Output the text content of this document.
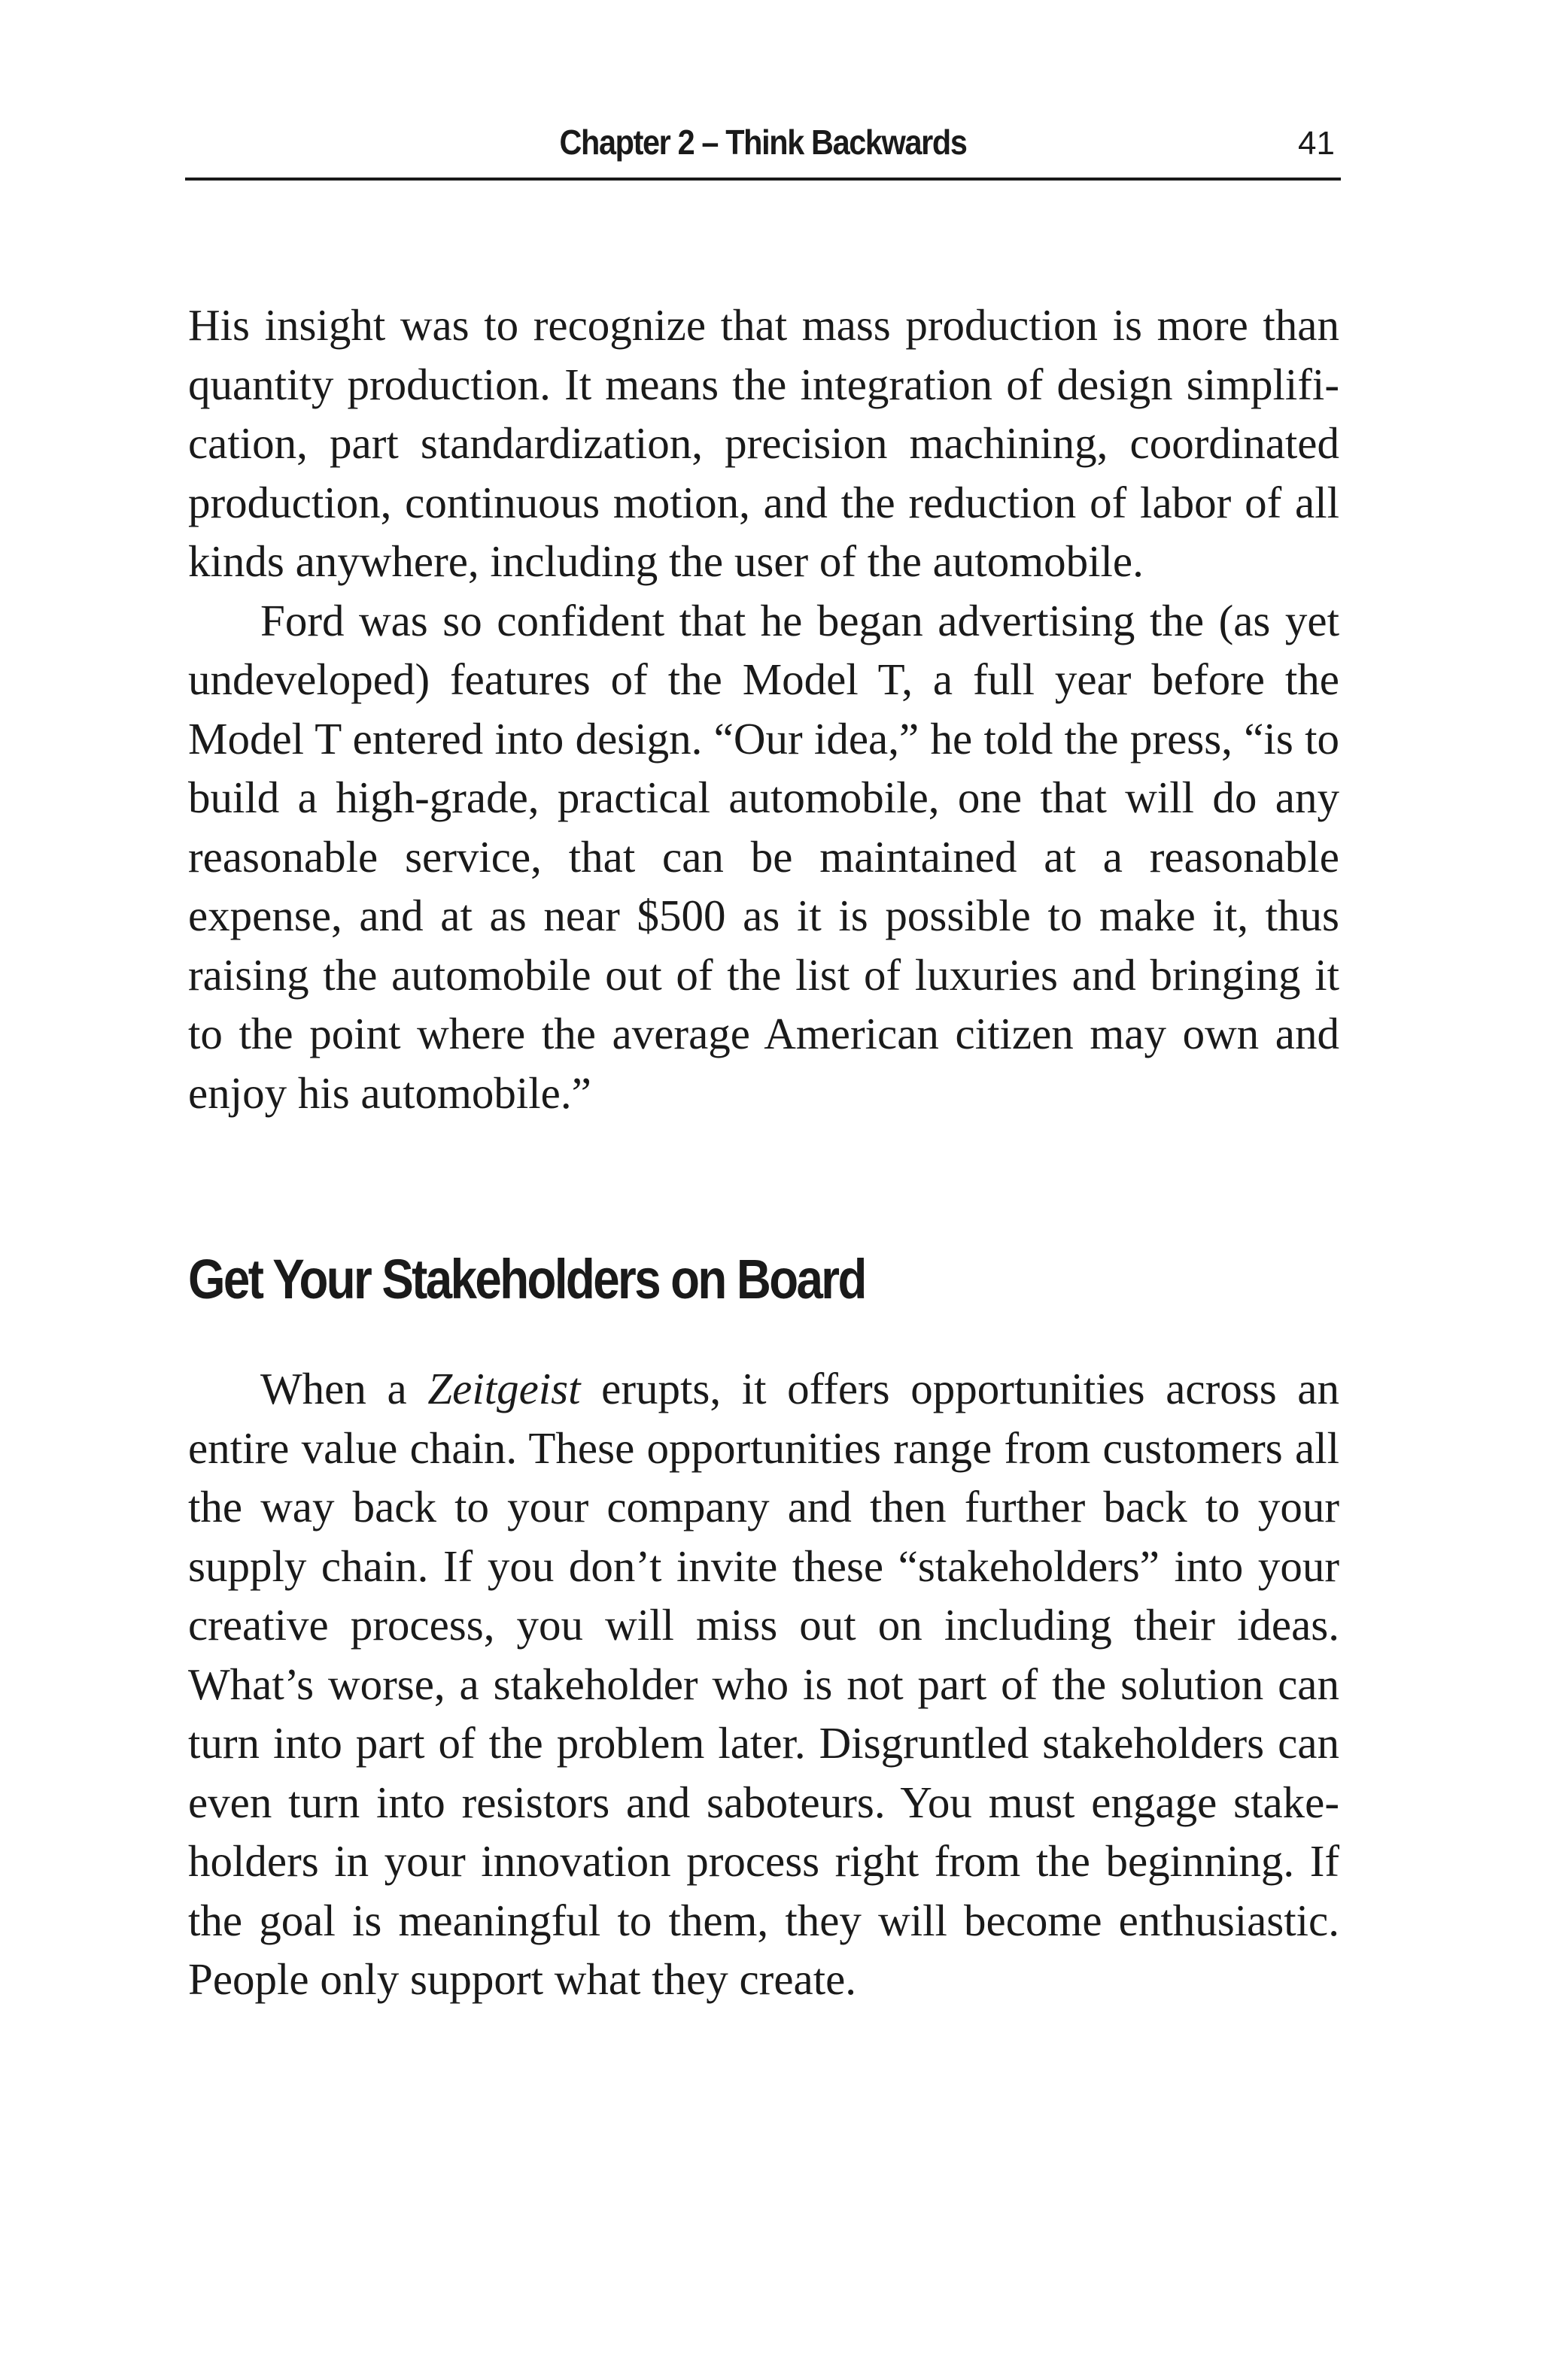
Chapter 2 – Think Backwards	41

His insight was to recognize that mass production is more than quantity production. It means the integration of design simplification, part standardization, precision machining, coordinated production, continuous motion, and the reduction of labor of all kinds anywhere, including the user of the automobile.

Ford was so confident that he began advertising the (as yet undeveloped) features of the Model T, a full year before the Model T entered into design. “Our idea,” he told the press, “is to build a high-grade, practical automobile, one that will do any reasonable service, that can be maintained at a reasonable expense, and at as near $500 as it is possible to make it, thus raising the automobile out of the list of luxuries and bringing it to the point where the average American citizen may own and enjoy his automobile.”

Get Your Stakeholders on Board

When a Zeitgeist erupts, it offers opportunities across an entire value chain. These opportunities range from customers all the way back to your company and then further back to your supply chain. If you don’t invite these “stakeholders” into your creative process, you will miss out on including their ideas. What’s worse, a stakeholder who is not part of the solution can turn into part of the problem later. Disgruntled stakeholders can even turn into resistors and saboteurs. You must engage stakeholders in your innovation process right from the beginning. If the goal is meaningful to them, they will become enthusiastic. People only support what they create.
